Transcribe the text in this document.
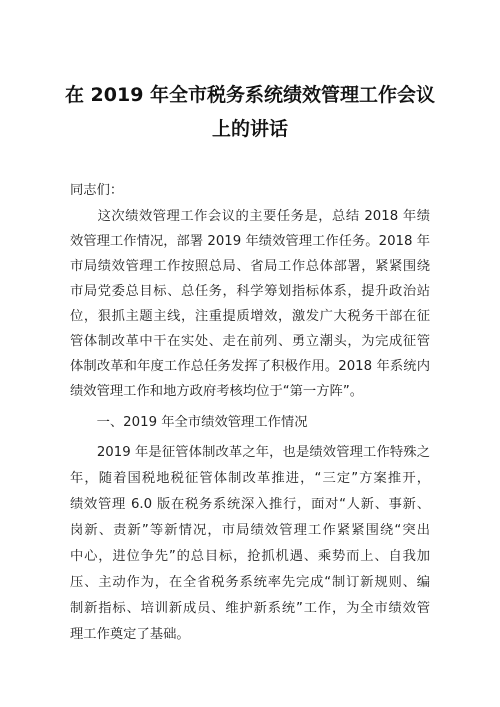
在 2019 年全市税务系统绩效管理工作会议
上的讲话
同志们：
　　这次绩效管理工作会议的主要任务是，总结 2018 年绩
效管理工作情况，部署 2019 年绩效管理工作任务。2018 年
市局绩效管理工作按照总局、省局工作总体部署，紧紧围绕
市局党委总目标、总任务，科学筹划指标体系，提升政治站
位，狠抓主题主线，注重提质增效，激发广大税务干部在征
管体制改革中干在实处、走在前列、勇立潮头，为完成征管
体制改革和年度工作总任务发挥了积极作用。2018 年系统内
绩效管理工作和地方政府考核均位于“第一方阵”。
　　一、2019 年全市绩效管理工作情况
　　2019 年是征管体制改革之年，也是绩效管理工作特殊之
年，随着国税地税征管体制改革推进，“三定”方案推开，
绩效管理 6.0 版在税务系统深入推行，面对“人新、事新、
岗新、责新”等新情况，市局绩效管理工作紧紧围绕“突出
中心，进位争先”的总目标，抢抓机遇、乘势而上、自我加
压、主动作为，在全省税务系统率先完成“制订新规则、编
制新指标、培训新成员、维护新系统”工作，为全市绩效管
理工作奠定了基础。
